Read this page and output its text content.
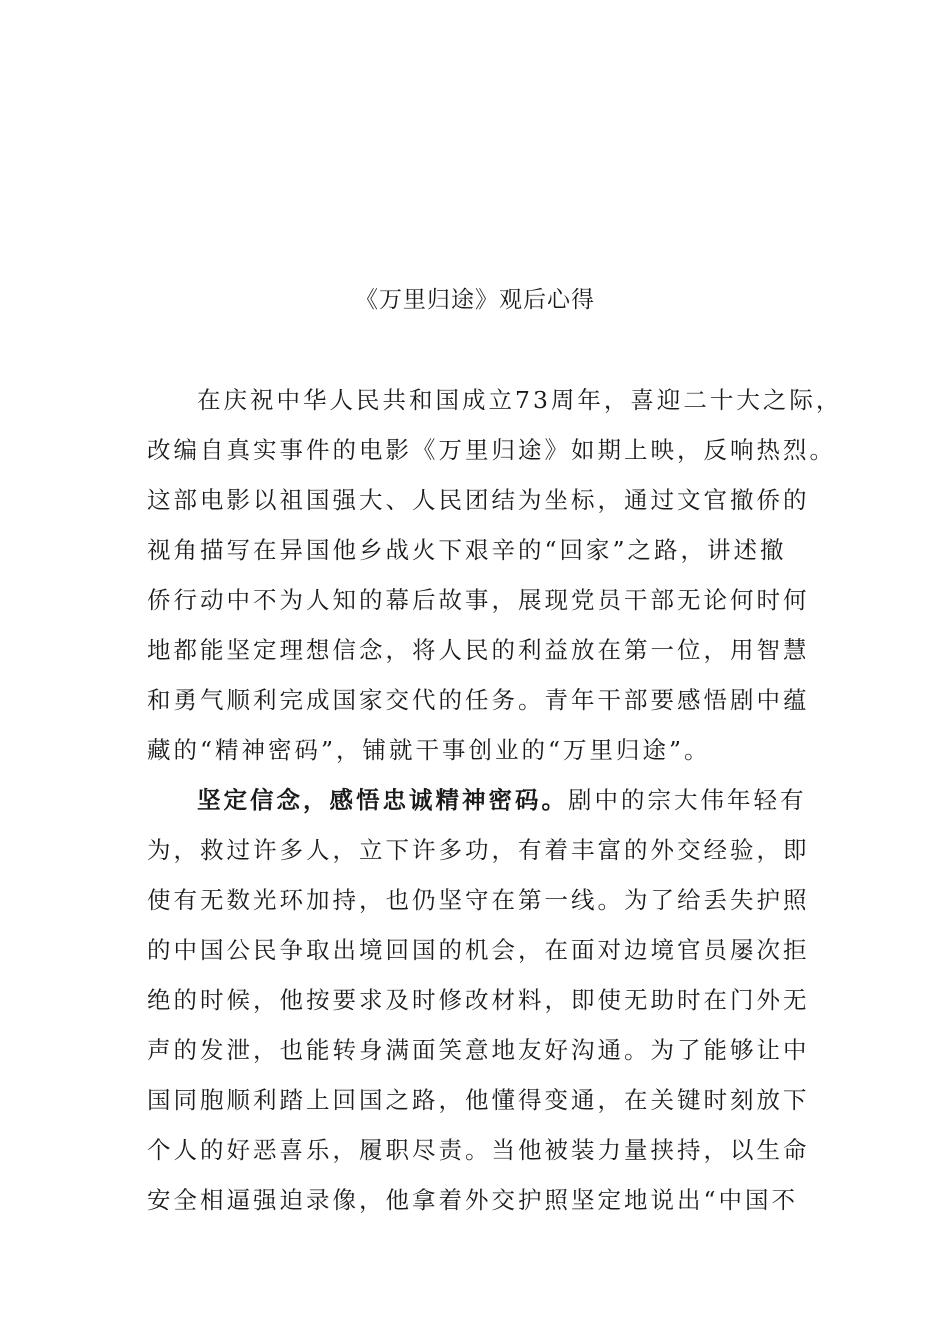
《万里归途》观后心得
在庆祝中华人民共和国成立73周年，喜迎二十大之际，
改编自真实事件的电影《万里归途》如期上映，反响热烈。
这部电影以祖国强大、人民团结为坐标，通过文官撤侨的
视角描写在异国他乡战火下艰辛的“回家”之路，讲述撤
侨行动中不为人知的幕后故事，展现党员干部无论何时何
地都能坚定理想信念，将人民的利益放在第一位，用智慧
和勇气顺利完成国家交代的任务。青年干部要感悟剧中蕴
藏的“精神密码”，铺就干事创业的“万里归途”。
坚定信念，感悟忠诚精神密码。剧中的宗大伟年轻有
为，救过许多人，立下许多功，有着丰富的外交经验，即
使有无数光环加持，也仍坚守在第一线。为了给丢失护照
的中国公民争取出境回国的机会，在面对边境官员屡次拒
绝的时候，他按要求及时修改材料，即使无助时在门外无
声的发泄，也能转身满面笑意地友好沟通。为了能够让中
国同胞顺利踏上回国之路，他懂得变通，在关键时刻放下
个人的好恶喜乐，履职尽责。当他被装力量挟持，以生命
安全相逼强迫录像，他拿着外交护照坚定地说出“中国不
